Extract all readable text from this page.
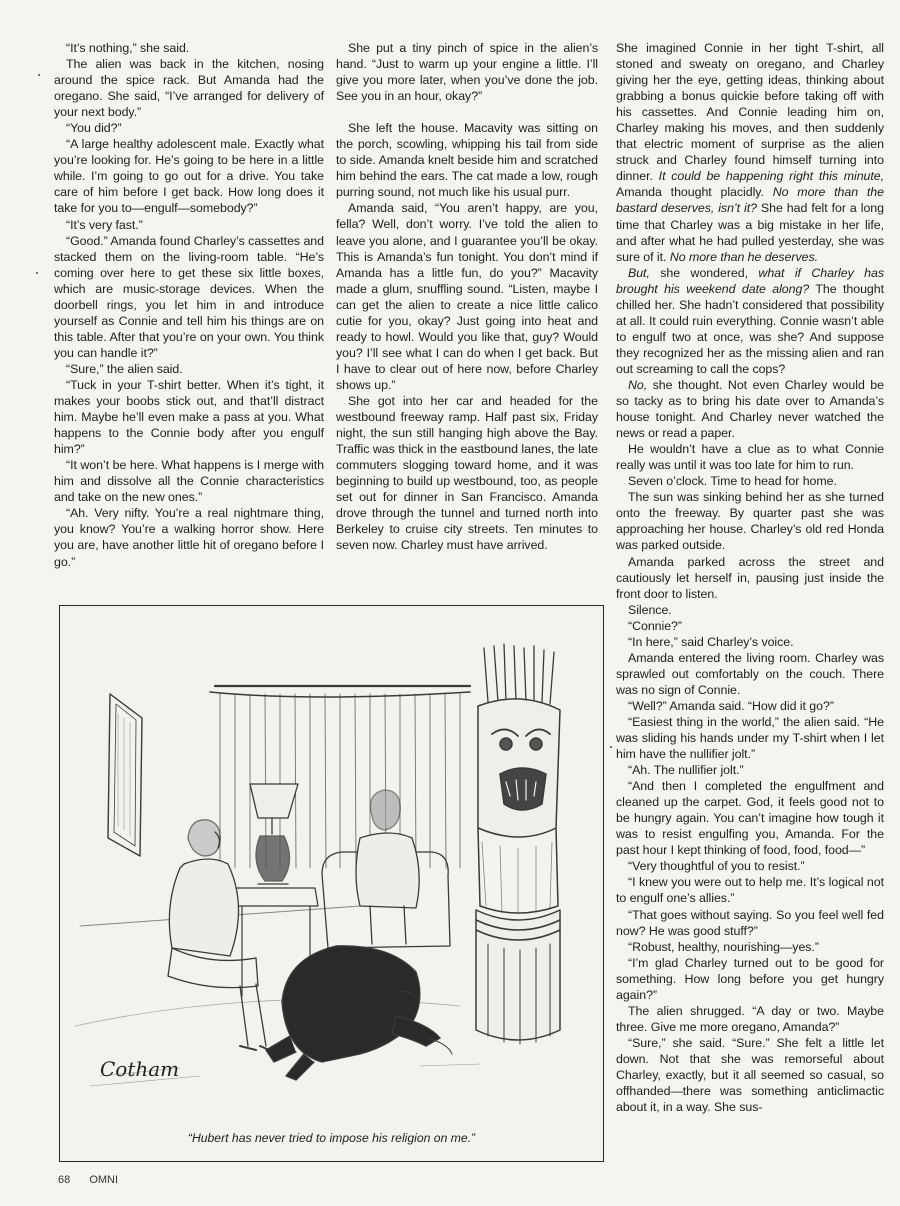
“It’s nothing,” she said.

The alien was back in the kitchen, nosing around the spice rack. But Amanda had the oregano. She said, “I’ve arranged for delivery of your next body.”

“You did?”

“A large healthy adolescent male. Exactly what you’re looking for. He’s going to be here in a little while. I’m going to go out for a drive. You take care of him before I get back. How long does it take for you to—engulf—somebody?”

“It’s very fast.”

“Good.” Amanda found Charley’s cassettes and stacked them on the living-room table. “He’s coming over here to get these six little boxes, which are music-storage devices. When the doorbell rings, you let him in and introduce yourself as Connie and tell him his things are on this table. After that you’re on your own. You think you can handle it?”

“Sure,” the alien said.

“Tuck in your T-shirt better. When it’s tight, it makes your boobs stick out, and that’ll distract him. Maybe he’ll even make a pass at you. What happens to the Connie body after you engulf him?”

“It won’t be here. What happens is I merge with him and dissolve all the Connie characteristics and take on the new ones.”

“Ah. Very nifty. You’re a real nightmare thing, you know? You’re a walking horror show. Here you are, have another little hit of oregano before I go.”

She put a tiny pinch of spice in the alien’s hand. “Just to warm up your engine a little. I’ll give you more later, when you’ve done the job. See you in an hour, okay?”

She left the house. Macavity was sitting on the porch, scowling, whipping his tail from side to side. Amanda knelt beside him and scratched him behind the ears. The cat made a low, rough purring sound, not much like his usual purr.

Amanda said, “You aren’t happy, are you, fella? Well, don’t worry. I’ve told the alien to leave you alone, and I guarantee you’ll be okay. This is Amanda’s fun tonight. You don’t mind if Amanda has a little fun, do you?” Macavity made a glum, snuffling sound. “Listen, maybe I can get the alien to create a nice little calico cutie for you, okay? Just going into heat and ready to howl. Would you like that, guy? Would you? I’ll see what I can do when I get back. But I have to clear out of here now, before Charley shows up.”

She got into her car and headed for the westbound freeway ramp. Half past six, Friday night, the sun still hanging high above the Bay. Traffic was thick in the eastbound lanes, the late commuters slogging toward home, and it was beginning to build up westbound, too, as people set out for dinner in San Francisco. Amanda drove through the tunnel and turned north into Berkeley to cruise city streets. Ten minutes to seven now. Charley must have arrived.

She imagined Connie in her tight T-shirt, all stoned and sweaty on oregano, and Charley giving her the eye, getting ideas, thinking about grabbing a bonus quickie before taking off with his cassettes. And Connie leading him on, Charley making his moves, and then suddenly that electric moment of surprise as the alien struck and Charley found himself turning into dinner. It could be happening right this minute, Amanda thought placidly. No more than the bastard deserves, isn’t it? She had felt for a long time that Charley was a big mistake in her life, and after what he had pulled yesterday, she was sure of it. No more than he deserves.

But, she wondered, what if Charley has brought his weekend date along? The thought chilled her. She hadn’t considered that possibility at all. It could ruin everything. Connie wasn’t able to engulf two at once, was she? And suppose they recognized her as the missing alien and ran out screaming to call the cops?

No, she thought. Not even Charley would be so tacky as to bring his date over to Amanda’s house tonight. And Charley never watched the news or read a paper.

He wouldn’t have a clue as to what Connie really was until it was too late for him to run.

Seven o’clock. Time to head for home.

The sun was sinking behind her as she turned onto the freeway. By quarter past she was approaching her house. Charley’s old red Honda was parked outside.

Amanda parked across the street and cautiously let herself in, pausing just inside the front door to listen.

Silence.

“Connie?”

“In here,” said Charley’s voice.

Amanda entered the living room. Charley was sprawled out comfortably on the couch. There was no sign of Connie.

“Well?” Amanda said. “How did it go?”

“Easiest thing in the world,” the alien said. “He was sliding his hands under my T-shirt when I let him have the nullifier jolt.”

“Ah. The nullifier jolt.”

“And then I completed the engulfment and cleaned up the carpet. God, it feels good not to be hungry again. You can’t imagine how tough it was to resist engulfing you, Amanda. For the past hour I kept thinking of food, food, food—”

“Very thoughtful of you to resist.”

“I knew you were out to help me. It’s logical not to engulf one’s allies.”

“That goes without saying. So you feel well fed now? He was good stuff?”

“Robust, healthy, nourishing—yes.”

“I’m glad Charley turned out to be good for something. How long before you get hungry again?”

The alien shrugged. “A day or two. Maybe three. Give me more oregano, Amanda?”

“Sure,” she said. “Sure.” She felt a little let down. Not that she was remorseful about Charley, exactly, but it all seemed so casual, so offhanded—there was something anticlimactic about it, in a way. She sus-

Cotham
“Hubert has never tried to impose his religion on me.”
68 OMNI
